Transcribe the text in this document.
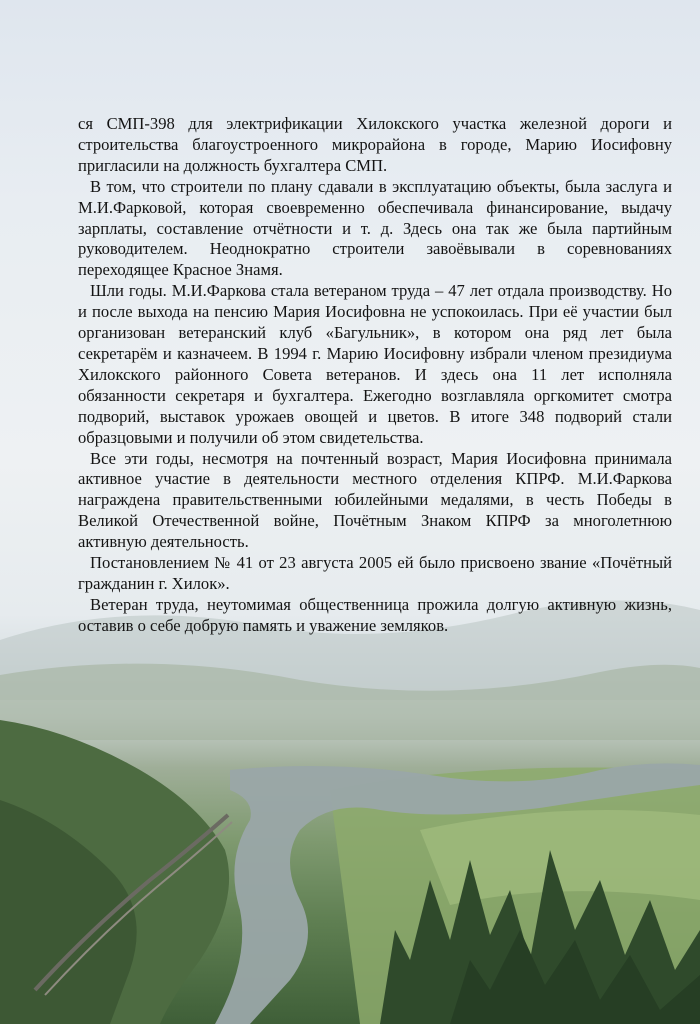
ся СМП-398 для электрификации Хилокского участка железной дороги и строительства благоустроенного микрорайона в городе, Марию Иосифовну пригласили на должность бухгалтера СМП.

В том, что строители по плану сдавали в эксплуатацию объекты, была заслуга и М.И.Фарковой, которая своевременно обеспечивала финансирование, выдачу зарплаты, составление отчётности и т. д. Здесь она так же была партийным руководителем. Неоднократно строители завоёвывали в соревнованиях переходящее Красное Знамя.

Шли годы. М.И.Фаркова стала ветераном труда – 47 лет отдала производству. Но и после выхода на пенсию Мария Иосифовна не успокоилась. При её участии был организован ветеранский клуб «Багульник», в котором она ряд лет была секретарём и казначеем. В 1994 г. Марию Иосифовну избрали членом президиума Хилокского районного Совета ветеранов. И здесь она 11 лет исполняла обязанности секретаря и бухгалтера. Ежегодно возглавляла оргкомитет смотра подворий, выставок урожаев овощей и цветов. В итоге 348 подворий стали образцовыми и получили об этом свидетельства.

Все эти годы, несмотря на почтенный возраст, Мария Иосифовна принимала активное участие в деятельности местного отделения КПРФ. М.И.Фаркова награждена правительственными юбилейными медалями, в честь Победы в Великой Отечественной войне, Почётным Знаком КПРФ за многолетнюю активную деятельность.

Постановлением № 41 от 23 августа 2005 ей было присвоено звание «Почётный гражданин г. Хилок».

Ветеран труда, неутомимая общественница прожила долгую активную жизнь, оставив о себе добрую память и уважение земляков.
